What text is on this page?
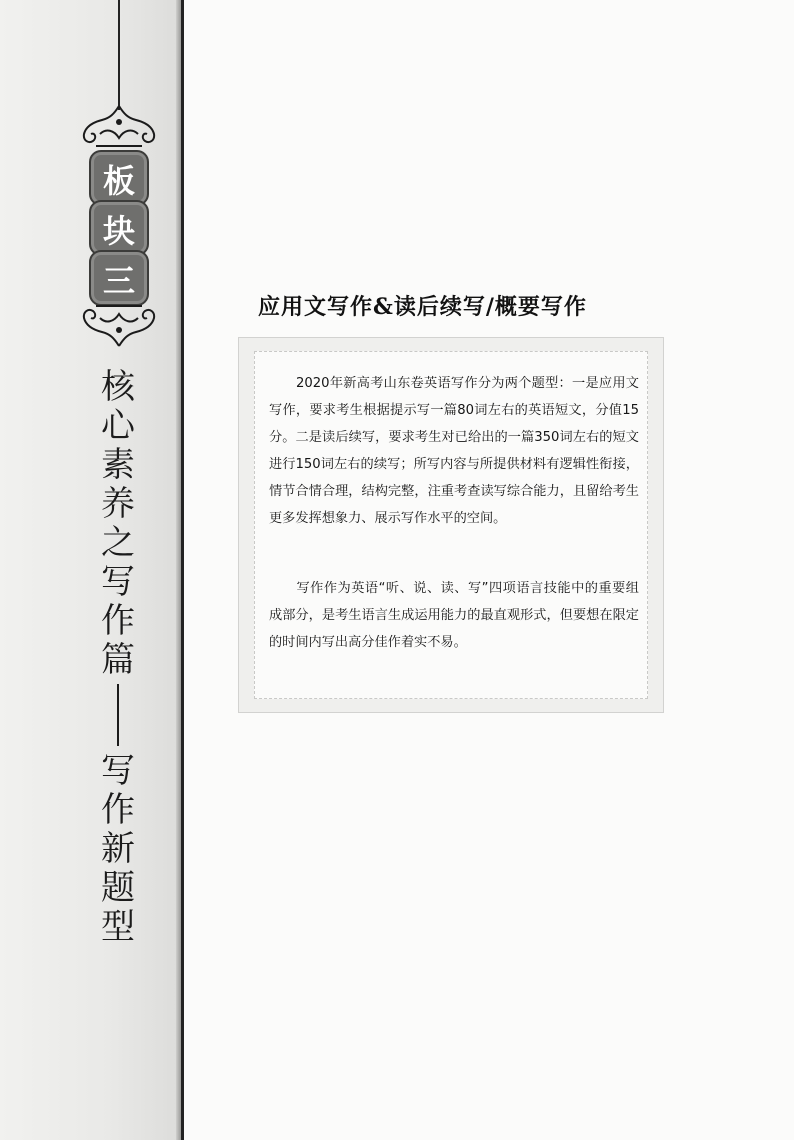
板
块
三
核
心
素
养
之
写
作
篇
写
作
新
题
型
应用文写作&读后续写/概要写作
2020年新高考山东卷英语写作分为两个题型：一是应用文写作，要求考生根据提示写一篇80词左右的英语短文，分值15分。二是读后续写，要求考生对已给出的一篇350词左右的短文进行150词左右的续写；所写内容与所提供材料有逻辑性衔接，情节合情合理，结构完整，注重考查读写综合能力，且留给考生更多发挥想象力、展示写作水平的空间。
写作作为英语“听、说、读、写”四项语言技能中的重要组成部分，是考生语言生成运用能力的最直观形式，但要想在限定的时间内写出高分佳作着实不易。
